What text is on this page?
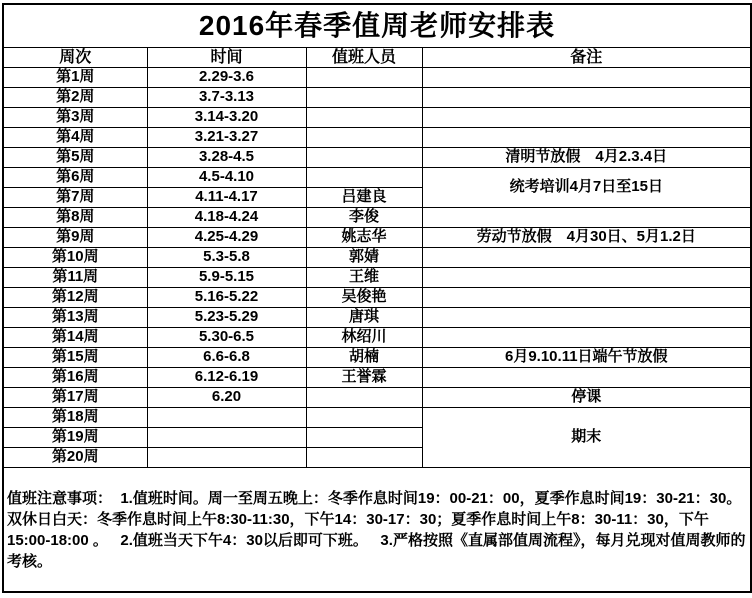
2016年春季值周老师安排表			
周次	时间	值班人员	备注
第1周	2.29-3.6		
第2周	3.7-3.13		
第3周	3.14-3.20		
第4周	3.21-3.27		
第5周	3.28-4.5		清明节放假　4月2.3.4日
第6周	4.5-4.10		统考培训4月7日至15日
第7周	4.11-4.17	吕建良	
第8周	4.18-4.24	李俊	
第9周	4.25-4.29	姚志华	劳动节放假　4月30日、5月1.2日
第10周	5.3-5.8	郭婧	
第11周	5.9-5.15	王维	
第12周	5.16-5.22	吴俊艳	
第13周	5.23-5.29	唐琪	
第14周	5.30-6.5	林绍川	
第15周	6.6-6.8	胡楠	6月9.10.11日端午节放假
第16周	6.12-6.19	王誉霖	
第17周	6.20		停课
第18周			期末
第19周			
第20周			
值班注意事项：  1.值班时间。周一至周五晚上：冬季作息时间19：00-21：00，夏季作息时间19：30-21：30。 双休日白天：冬季作息时间上午8:30-11:30，下午14：30-17：30；夏季作息时间上午8：30-11：30，下午15:00-18:00 。   2.值班当天下午4：30以后即可下班。   3.严格按照《直属部值周流程》，每月兑现对值周教师的考核。			
